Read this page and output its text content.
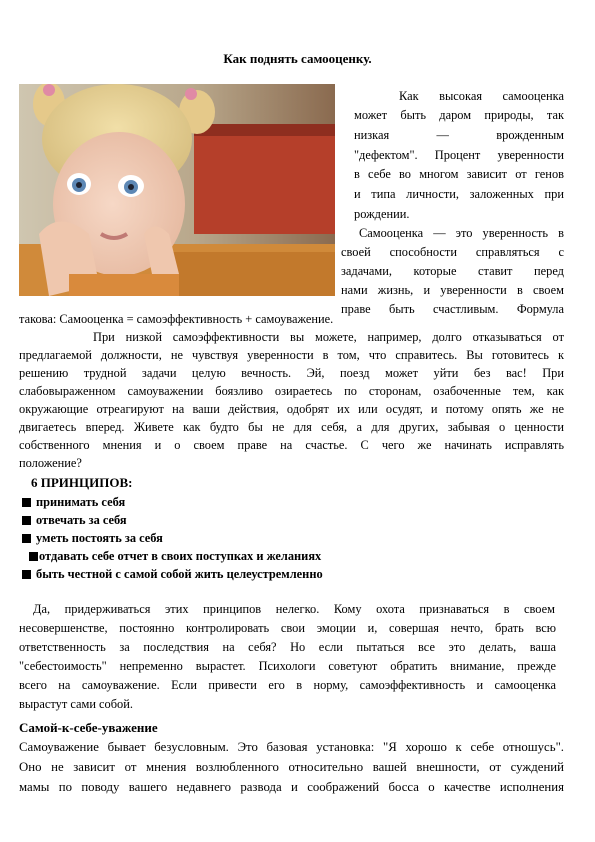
Как поднять самооценку.
Как высокая самооценка
может быть даром природы, так
низкая — врожденным
"дефектом". Процент уверенности
в себе во многом зависит от генов
и типа личности, заложенных при
рождении.
Самооценка — это уверенность в
своей способности справляться с
задачами, которые ставит перед
нами жизнь, и уверенности в своем
праве быть счастливым. Формула
такова: Самооценка = самоэффективность + самоуважение.
При низкой самоэффективности вы можете, например, долго отказываться от
предлагаемой должности, не чувствуя уверенности в том, что справитесь. Вы готовитесь к
решению трудной задачи целую вечность. Эй, поезд может уйти без вас! При
слабовыраженном самоуважении боязливо озираетесь по сторонам, озабоченные тем, как
окружающие отреагируют на ваши действия, одобрят их или осудят, и потому опять же не
двигаетесь вперед. Живете как будто бы не для себя, а для других, забывая о ценности
собственного мнения и о своем праве на счастье. С чего же начинать исправлять
положение?
6 ПРИНЦИПОВ:
принимать себя
отвечать за себя
уметь постоять за себя
отдавать себе отчет в своих поступках и желаниях
быть честной с самой собой жить целеустремленно
Да, придерживаться этих принципов нелегко. Кому охота признаваться в своем
несовершенстве, постоянно контролировать свои эмоции и, совершая нечто, брать всю
ответственность за последствия на себя? Но если пытаться все это делать, ваша
"себестоимость" непременно вырастет. Психологи советуют обратить внимание, прежде
всего на самоуважение. Если привести его в норму, самоэффективность и самооценка
вырастут сами собой.
Самой-к-себе-уважение
Самоуважение бывает безусловным. Это базовая установка: "Я хорошо к себе отношусь".
Оно не зависит от мнения возлюбленного относительно вашей внешности, от суждений
мамы по поводу вашего недавнего развода и соображений босса о качестве исполнения
